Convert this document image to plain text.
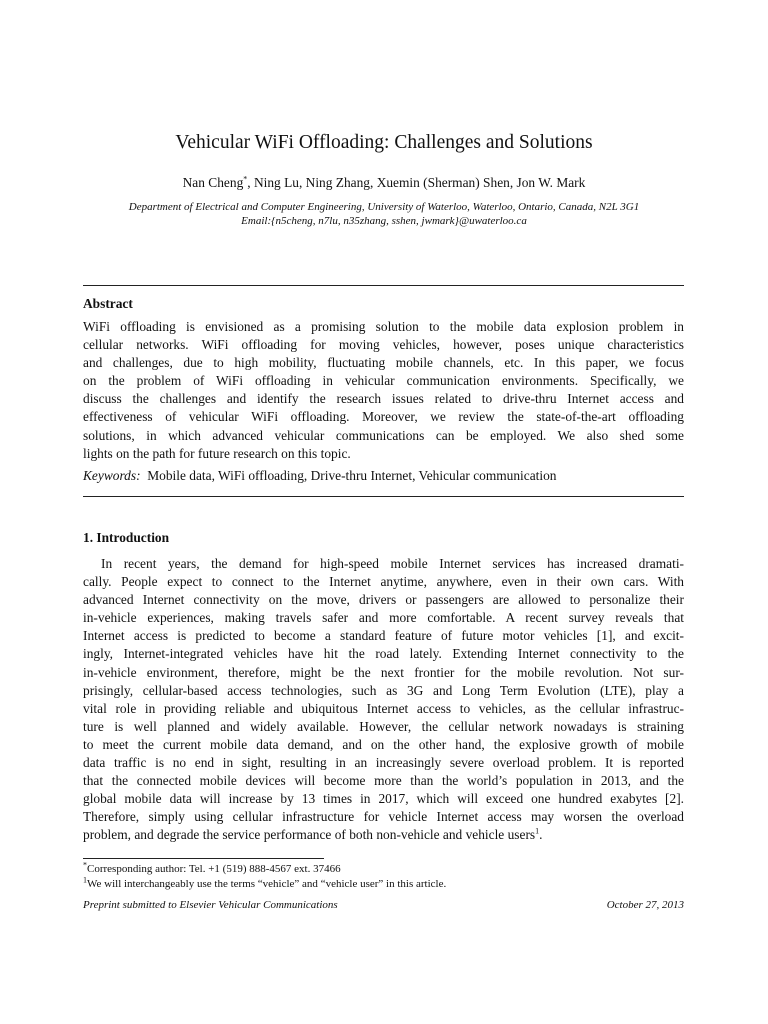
Vehicular WiFi Offloading: Challenges and Solutions
Nan Cheng*, Ning Lu, Ning Zhang, Xuemin (Sherman) Shen, Jon W. Mark
Department of Electrical and Computer Engineering, University of Waterloo, Waterloo, Ontario, Canada, N2L 3G1
Email:{n5cheng, n7lu, n35zhang, sshen, jwmark}@uwaterloo.ca
Abstract
WiFi offloading is envisioned as a promising solution to the mobile data explosion problem in
cellular networks. WiFi offloading for moving vehicles, however, poses unique characteristics
and challenges, due to high mobility, fluctuating mobile channels, etc. In this paper, we focus
on the problem of WiFi offloading in vehicular communication environments. Specifically, we
discuss the challenges and identify the research issues related to drive-thru Internet access and
effectiveness of vehicular WiFi offloading. Moreover, we review the state-of-the-art offloading
solutions, in which advanced vehicular communications can be employed. We also shed some
lights on the path for future research on this topic.
Keywords: Mobile data, WiFi offloading, Drive-thru Internet, Vehicular communication
1. Introduction
In recent years, the demand for high-speed mobile Internet services has increased dramati-
cally. People expect to connect to the Internet anytime, anywhere, even in their own cars. With
advanced Internet connectivity on the move, drivers or passengers are allowed to personalize their
in-vehicle experiences, making travels safer and more comfortable. A recent survey reveals that
Internet access is predicted to become a standard feature of future motor vehicles [1], and excit-
ingly, Internet-integrated vehicles have hit the road lately. Extending Internet connectivity to the
in-vehicle environment, therefore, might be the next frontier for the mobile revolution. Not sur-
prisingly, cellular-based access technologies, such as 3G and Long Term Evolution (LTE), play a
vital role in providing reliable and ubiquitous Internet access to vehicles, as the cellular infrastruc-
ture is well planned and widely available. However, the cellular network nowadays is straining
to meet the current mobile data demand, and on the other hand, the explosive growth of mobile
data traffic is no end in sight, resulting in an increasingly severe overload problem. It is reported
that the connected mobile devices will become more than the world’s population in 2013, and the
global mobile data will increase by 13 times in 2017, which will exceed one hundred exabytes [2].
Therefore, simply using cellular infrastructure for vehicle Internet access may worsen the overload
problem, and degrade the service performance of both non-vehicle and vehicle users$^1$.
*Corresponding author: Tel. +1 (519) 888-4567 ext. 37466
$^1$We will interchangeably use the terms “vehicle” and “vehicle user” in this article.
Preprint submitted to Elsevier Vehicular Communications	October 27, 2013
